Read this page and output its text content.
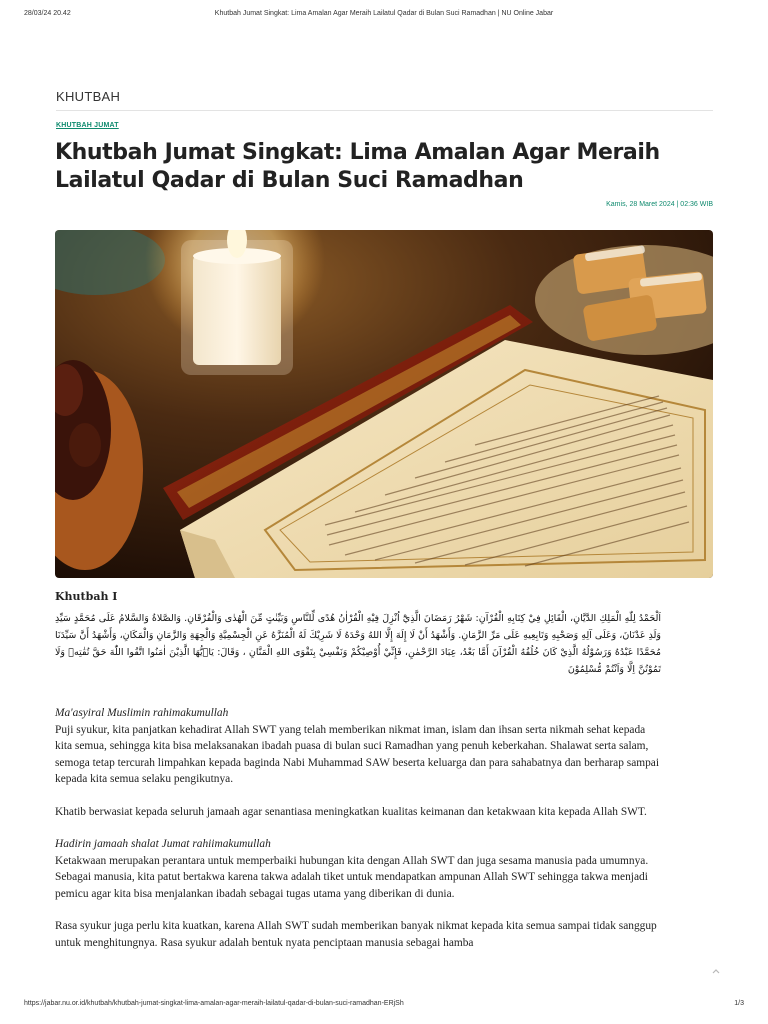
28/03/24 20.42	Khutbah Jumat Singkat: Lima Amalan Agar Meraih Lailatul Qadar di Bulan Suci Ramadhan | NU Online Jabar
KHUTBAH
KHUTBAH JUMAT
Khutbah Jumat Singkat: Lima Amalan Agar Meraih Lailatul Qadar di Bulan Suci Ramadhan
Kamis, 28 Maret 2024 | 02:36 WIB
Khutbah I
اَلْحَمْدُ لِلّٰهِ الْمَلِكِ الدَّيَّانِ، الْقَائِلِ فِيْ كِتَابِهِ الْقُرْآنِ: شَهْرُ رَمَضَانَ الَّذِيْٓ اُنْزِلَ فِيْهِ الْقُرْاٰنُ هُدًى لِّلنَّاسِ وَبَيِّنٰتٍ مِّنَ الْهُدٰى وَالْفُرْقَانِ. وَالصَّلاةُ وَالسَّلامُ عَلَى مُحَمَّدٍ سَيِّدِ وَلَدِ عَدْنَانَ، وَعَلَى آلِهِ وَصَحْبِهِ وَتَابِعِيهِ عَلَى مَرِّ الزَّمَانِ. وَأَشْهَدُ أَنْ لَا إِلَهَ إِلَّا اللهُ وَحْدَهُ لَا شَرِيْكَ لَهُ الْمُنَزَّهُ عَنِ الْجِسْمِيَّةِ وَالْجِهَةِ وَالزَّمَانِ وَالْمَكَانِ، وَأَشْهَدُ أَنَّ سَيِّدَنَا مُحَمَّدًا عَبْدُهُ وَرَسُوْلُهُ الَّذِيْ كَانَ خُلُقُهُ الْقُرْآنَ أَمَّا بَعْدُ، عِبَادَ الرَّحْمٰنِ، فَإِنِّيْ أُوْصِيْكُمْ وَنَفْسِيْ بِتَقْوَى اللهِ الْمَنَّانِ ، وَقَالَ: يَاۤيُّهَا الَّذِيْنَ اٰمَنُوا اتَّقُوا اللّٰهَ حَقَّ تُقٰتِهٖ وَلَا تَمُوْتُنَّ اِلَّا وَاَنْتُمْ مُّسْلِمُوْنَ

Ma'asyiral Muslimin rahimakumullah
Puji syukur, kita panjatkan kehadirat Allah SWT yang telah memberikan nikmat iman, islam dan ihsan serta nikmah sehat kepada kita semua, sehingga kita bisa melaksanakan ibadah puasa di bulan suci Ramadhan yang penuh keberkahan. Shalawat serta salam, semoga tetap tercurah limpahkan kepada baginda Nabi Muhammad SAW beserta keluarga dan para sahabatnya dan berharap sampai kepada kita semua selaku pengikutnya.

Khatib berwasiat kepada seluruh jamaah agar senantiasa meningkatkan kualitas keimanan dan ketakwaan kita kepada Allah SWT.

Hadirin jamaah shalat Jumat rahiimakumullah
Ketakwaan merupakan perantara untuk memperbaiki hubungan kita dengan Allah SWT dan juga sesama manusia pada umumnya. Sebagai manusia, kita patut bertakwa karena takwa adalah tiket untuk mendapatkan ampunan Allah SWT sehingga takwa menjadi pemicu agar kita bisa menjalankan ibadah sebagai tugas utama yang diberikan di dunia.

Rasa syukur juga perlu kita kuatkan, karena Allah SWT sudah memberikan banyak nikmat kepada kita semua sampai tidak sanggup untuk menghitungnya. Rasa syukur adalah bentuk nyata penciptaan manusia sebagai hamba

https://jabar.nu.or.id/khutbah/khutbah-jumat-singkat-lima-amalan-agar-meraih-lailatul-qadar-di-bulan-suci-ramadhan-ERjSh	1/3
